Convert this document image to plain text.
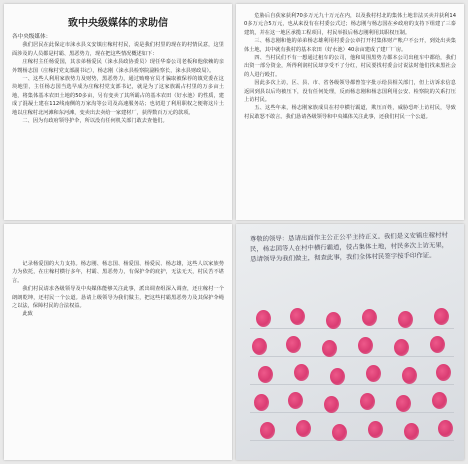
致中央级媒体的求助信
各中央级媒体：
我们居民在此保定市涞水县义安镇庄稼村村民，说是我们村里的现在的村情民意，这里面涉及的人员都是村霸、黑恶势力，现在把这些情况概述如下：
庄稼村主任杨爱国，其亲弟杨爱民（涞水县政协委员）现任华泰公司老板和他依赖的亲外甥杨志国（庄稼村党支部副书记），杨志刚（涞水县检察院副检察长，涞水县财政局）。
一、这些人利用家族势力及财势，黑恶势力，通过贿赂官员才骗取被保荐的镇党委在这块地里，主任杨志国当选早成为庄稼村党支部书记，就是为了这家族霸占村里的万多亩土地，将集体基本农田土地的50多亩，另有变卖了其所霸占的基本农田（好水池）的性质，建成了混凝土建在112线南侧的万家沟等公司及高速服务站；也切进了利用职权之便将这片土地以庄稼村北河滩和东河滩，变卖出去卖给一家建材厂，获得数百万元的款项。
二、因为有政府领导护伞，所以没有任何机关部门敢去查他们。
危胁后自获家获利70多万元九十万元在内，以及我村村北的集体土地非法买卖并获利140多万元合5万元，也从来没有在村委公式过；杨志刚与杨志国在乡政府的支持下组建了三泰建筑，并在这一地区承揽工程项目，村民举报后杨志刚利用其职权压制。
三、杨志刚和他的弟弟杨志雄利用村委会公章打开村集体财产帐户不公开，到处出卖集体土地，其中就有我村的基本农田（好水池）40余亩建成了建厂厂房。
四、当村民们不有一想通过租车的公司，他和周围黑势力都本公司出租车中都给，我们出资一部分资金，所得利润村民却享受不了分红，村民要找村委会讨说法时他们找来黑社会的人进行殴打。
因此多次上访，区、县、市、省各级领导都曾签字批示给县相关部门，但上访诉求信息返回到县以后均被压下，没有任何处理，反而杨志刚和杨志国利用公安、检察院的关系打压上访村民。
五、这些年来，杨志刚家族成员在村中横行霸道，欺压百姓，威胁恐吓上访村民，导致村民敢怒不敢言。我们恳请各级领导和中央媒体关注此事，还我们村民一个公道。
记录杨爱国的大力支持。杨志刚、杨志国、杨爱国、杨爱民、杨志雄，这些人以家族势力为依托，在庄稼村横行多年，村霸、黑恶势力，有保护伞的庇护，无法无天，村民苦不堪言。
我们村民请求各级领导及中央媒体能够关注此事，派出调查组深入调查，还庄稼村一个朗朗乾坤，还村民一个公道。恳请上级领导为我们做主，把这些村霸黑恶势力及其保护伞绳之以法，保障村民的合法权益。
此致
尊敬的领导：恳请出面作主公正公平主持正义。我们是义安镇庄稼村村民，杨志国等人在村中横行霸道，侵占集体土地，村民多次上访无果，恳请领导为我们做主，彻查此事，我们全体村民签字按手印作证。
